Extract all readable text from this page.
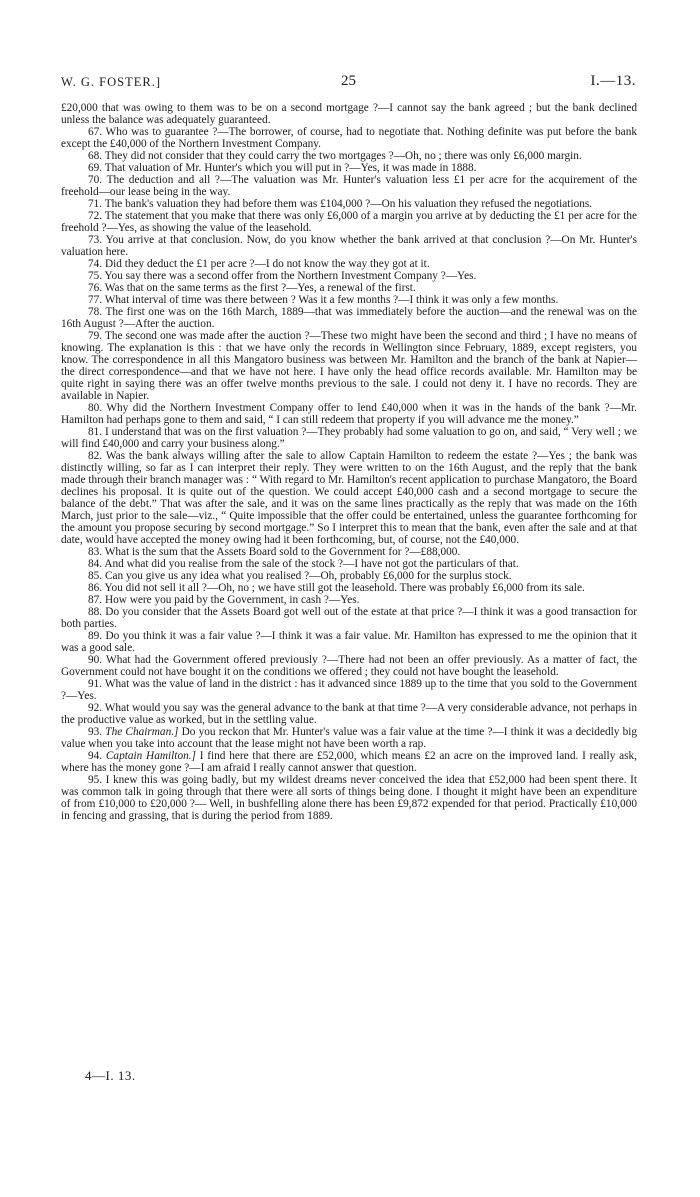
W. G. FOSTER.]	25	I.—13.

£20,000 that was owing to them was to be on a second mortgage ?—I cannot say the bank agreed ; but the bank declined unless the balance was adequately guaranteed.

67. Who was to guarantee ?—The borrower, of course, had to negotiate that. Nothing definite was put before the bank except the £40,000 of the Northern Investment Company.

68. They did not consider that they could carry the two mortgages ?—Oh, no ; there was only £6,000 margin.

69. That valuation of Mr. Hunter's which you will put in ?—Yes, it was made in 1888.

70. The deduction and all ?—The valuation was Mr. Hunter's valuation less £1 per acre for the acquirement of the freehold—our lease being in the way.

71. The bank's valuation they had before them was £104,000 ?—On his valuation they refused the negotiations.

72. The statement that you make that there was only £6,000 of a margin you arrive at by deducting the £1 per acre for the freehold ?—Yes, as showing the value of the leasehold.

73. You arrive at that conclusion. Now, do you know whether the bank arrived at that conclusion ?—On Mr. Hunter's valuation here.

74. Did they deduct the £1 per acre ?—I do not know the way they got at it.

75. You say there was a second offer from the Northern Investment Company ?—Yes.

76. Was that on the same terms as the first ?—Yes, a renewal of the first.

77. What interval of time was there between ? Was it a few months ?—I think it was only a few months.

78. The first one was on the 16th March, 1889—that was immediately before the auction—and the renewal was on the 16th August ?—After the auction.

79. The second one was made after the auction ?—These two might have been the second and third ; I have no means of knowing. The explanation is this : that we have only the records in Wellington since February, 1889, except registers, you know. The correspondence in all this Mangatoro business was between Mr. Hamilton and the branch of the bank at Napier—the direct correspondence—and that we have not here. I have only the head office records available. Mr. Hamilton may be quite right in saying there was an offer twelve months previous to the sale. I could not deny it. I have no records. They are available in Napier.

80. Why did the Northern Investment Company offer to lend £40,000 when it was in the hands of the bank ?—Mr. Hamilton had perhaps gone to them and said, “ I can still redeem that property if you will advance me the money.”

81. I understand that was on the first valuation ?—They probably had some valuation to go on, and said, “ Very well ; we will find £40,000 and carry your business along.”

82. Was the bank always willing after the sale to allow Captain Hamilton to redeem the estate ?—Yes ; the bank was distinctly willing, so far as I can interpret their reply. They were written to on the 16th August, and the reply that the bank made through their branch manager was : “ With regard to Mr. Hamilton's recent application to purchase Mangatoro, the Board declines his proposal. It is quite out of the question. We could accept £40,000 cash and a second mortgage to secure the balance of the debt.” That was after the sale, and it was on the same lines practically as the reply that was made on the 16th March, just prior to the sale—viz., “ Quite impossible that the offer could be entertained, unless the guarantee forthcoming for the amount you propose securing by second mortgage.” So I interpret this to mean that the bank, even after the sale and at that date, would have accepted the money owing had it been forthcoming, but, of course, not the £40,000.

83. What is the sum that the Assets Board sold to the Government for ?—£88,000.

84. And what did you realise from the sale of the stock ?—I have not got the particulars of that.

85. Can you give us any idea what you realised ?—Oh, probably £6,000 for the surplus stock.

86. You did not sell it all ?—Oh, no ; we have still got the leasehold. There was probably £6,000 from its sale.

87. How were you paid by the Government, in cash ?—Yes.

88. Do you consider that the Assets Board got well out of the estate at that price ?—I think it was a good transaction for both parties.

89. Do you think it was a fair value ?—I think it was a fair value. Mr. Hamilton has expressed to me the opinion that it was a good sale.

90. What had the Government offered previously ?—There had not been an offer previously. As a matter of fact, the Government could not have bought it on the conditions we offered ; they could not have bought the leasehold.

91. What was the value of land in the district : has it advanced since 1889 up to the time that you sold to the Government ?—Yes.

92. What would you say was the general advance to the bank at that time ?—A very considerable advance, not perhaps in the productive value as worked, but in the settling value.

93. The Chairman.] Do you reckon that Mr. Hunter's value was a fair value at the time ?—I think it was a decidedly big value when you take into account that the lease might not have been worth a rap.

94. Captain Hamilton.] I find here that there are £52,000, which means £2 an acre on the improved land. I really ask, where has the money gone ?—I am afraid I really cannot answer that question.

95. I knew this was going badly, but my wildest dreams never conceived the idea that £52,000 had been spent there. It was common talk in going through that there were all sorts of things being done. I thought it might have been an expenditure of from £10,000 to £20,000 ?— Well, in bushfelling alone there has been £9,872 expended for that period. Practically £10,000 in fencing and grassing, that is during the period from 1889.

4—I. 13.
